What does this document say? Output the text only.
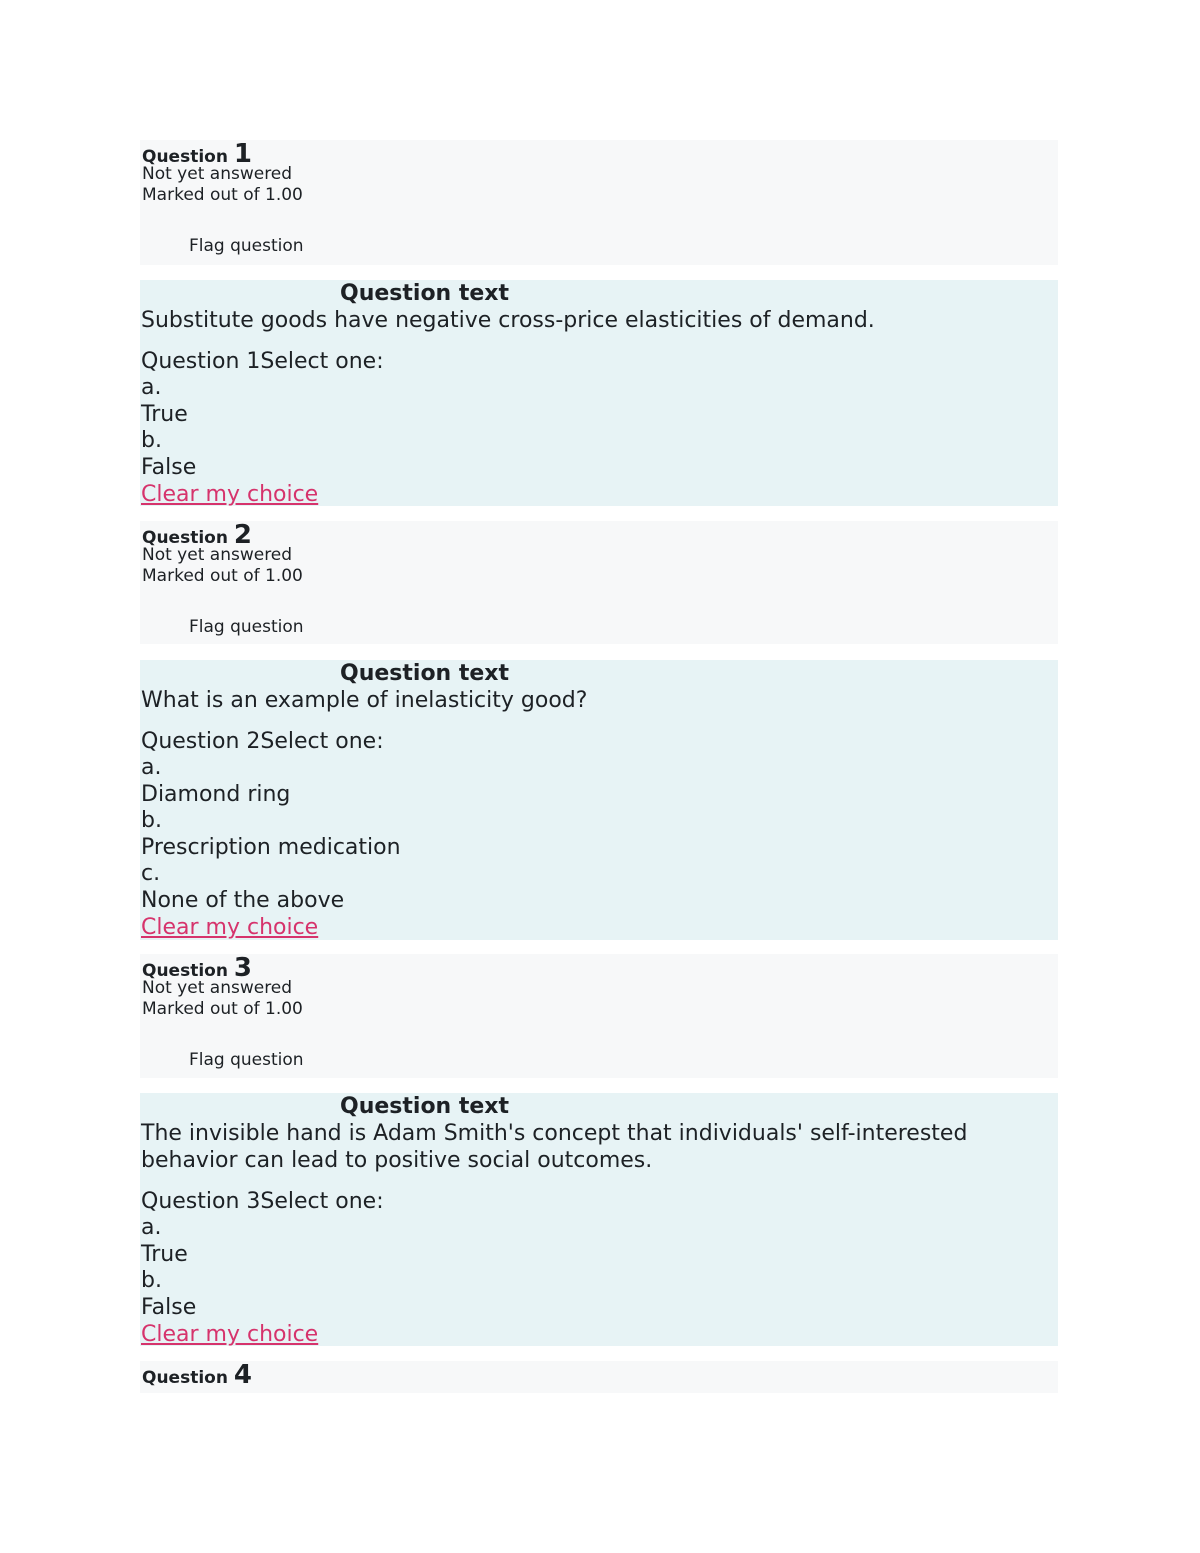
Question 1
Not yet answered
Marked out of 1.00
Flag question
Question text
Substitute goods have negative cross-price elasticities of demand.
Question 1Select one:
a.
True
b.
False
Clear my choice
Question 2
Not yet answered
Marked out of 1.00
Flag question
Question text
What is an example of inelasticity good?
Question 2Select one:
a.
Diamond ring
b.
Prescription medication
c.
None of the above
Clear my choice
Question 3
Not yet answered
Marked out of 1.00
Flag question
Question text
The invisible hand is Adam Smith's concept that individuals' self-interested
behavior can lead to positive social outcomes.
Question 3Select one:
a.
True
b.
False
Clear my choice
Question 4
